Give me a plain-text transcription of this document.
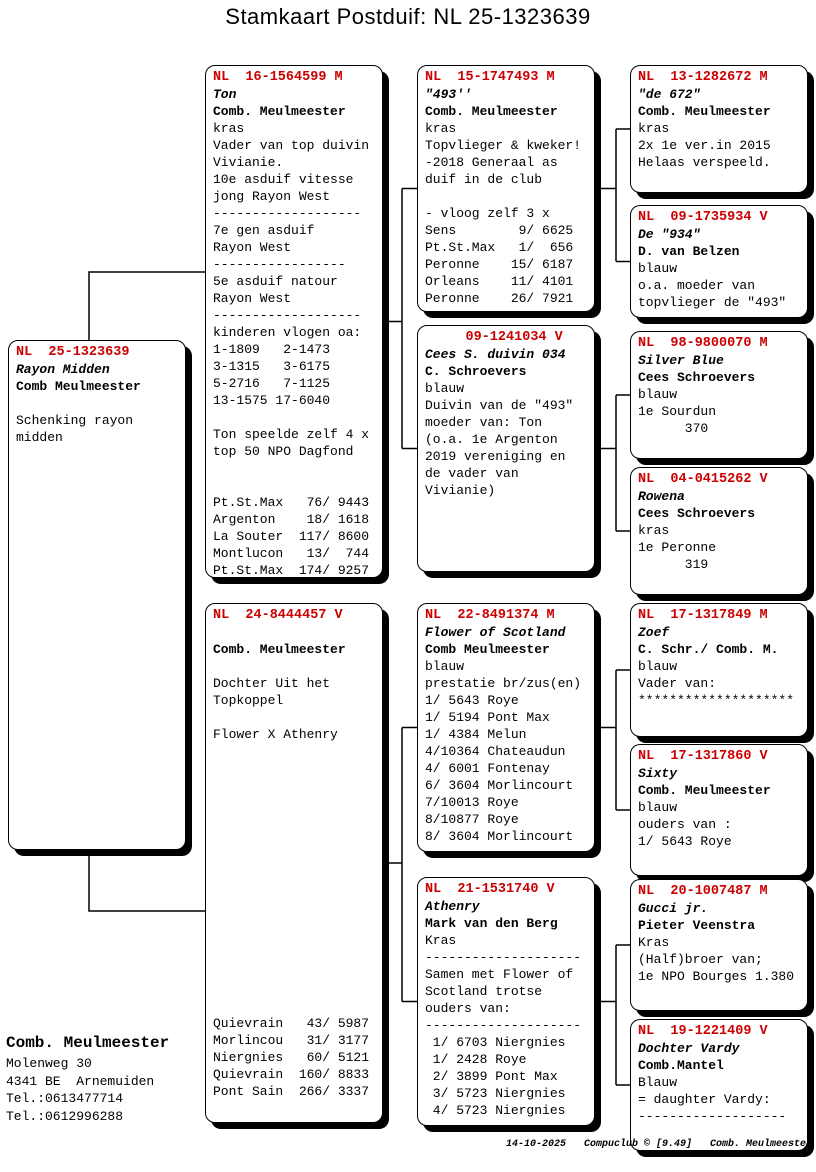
Stamkaart Postduif: NL 25-1323639
NL  25-1323639
Rayon Midden
Comb Meulmeester

Schenking rayon
midden
NL  16-1564599 M
Ton
Comb. Meulmeester
kras
Vader van top duivin
Vivianie.
10e asduif vitesse
jong Rayon West
-------------------
7e gen asduif
Rayon West
-----------------
5e asduif natour
Rayon West
-------------------
kinderen vlogen oa:
1-1809   2-1473
3-1315   3-6175
5-2716   7-1125
13-1575 17-6040

Ton speelde zelf 4 x
top 50 NPO Dagfond

Pt.St.Max   76/ 9443
Argenton    18/ 1618
La Souter  117/ 8600
Montlucon   13/  744
Pt.St.Max  174/ 9257
NL  24-8444457 V

Comb. Meulmeester

Dochter Uit het
Topkoppel

Flower X Athenry

Quievrain   43/ 5987
Morlincou   31/ 3177
Niergnies   60/ 5121
Quievrain  160/ 8833
Pont Sain  266/ 3337
NL  15-1747493 M
"493''
Comb. Meulmeester
kras
Topvlieger & kweker!
-2018 Generaal as
duif in de club

- vloog zelf 3 x
Sens        9/ 6625
Pt.St.Max   1/  656
Peronne    15/ 6187
Orleans    11/ 4101
Peronne    26/ 7921
09-1241034 V
Cees S. duivin 034
C. Schroevers
blauw
Duivin van de "493"
moeder van: Ton
(o.a. 1e Argenton
2019 vereniging en
de vader van
Vivianie)
NL  22-8491374 M
Flower of Scotland
Comb Meulmeester
blauw
prestatie br/zus(en)
1/ 5643 Roye
1/ 5194 Pont Max
1/ 4384 Melun
4/10364 Chateaudun
4/ 6001 Fontenay
6/ 3604 Morlincourt
7/10013 Roye
8/10877 Roye
8/ 3604 Morlincourt
NL  21-1531740 V
Athenry
Mark van den Berg
Kras
--------------------
Samen met Flower of
Scotland trotse
ouders van:
--------------------
1/ 6703 Niergnies
1/ 2428 Roye
2/ 3899 Pont Max
3/ 5723 Niergnies
4/ 5723 Niergnies
NL  13-1282672 M
"de 672"
Comb. Meulmeester
kras
2x 1e ver.in 2015
Helaas verspeeld.
NL  09-1735934 V
De "934"
D. van Belzen
blauw
o.a. moeder van
topvlieger de "493"
NL  98-9800070 M
Silver Blue
Cees Schroevers
blauw
1e Sourdun
370
NL  04-0415262 V
Rowena
Cees Schroevers
kras
1e Peronne
319
NL  17-1317849 M
Zoef
C. Schr./ Comb. M.
blauw
Vader van:
********************
NL  17-1317860 V
Sixty
Comb. Meulmeester
blauw
ouders van :
1/ 5643 Roye
NL  20-1007487 M
Gucci jr.
Pieter Veenstra
Kras
(Half)broer van;
1e NPO Bourges 1.380
NL  19-1221409 V
Dochter Vardy
Comb.Mantel
Blauw
= daughter Vardy:
-------------------
Comb. Meulmeester
Molenweg 30
4341 BE  Arnemuiden
Tel.:0613477714
Tel.:0612996288
14-10-2025   Compuclub © [9.49]   Comb. Meulmeester
